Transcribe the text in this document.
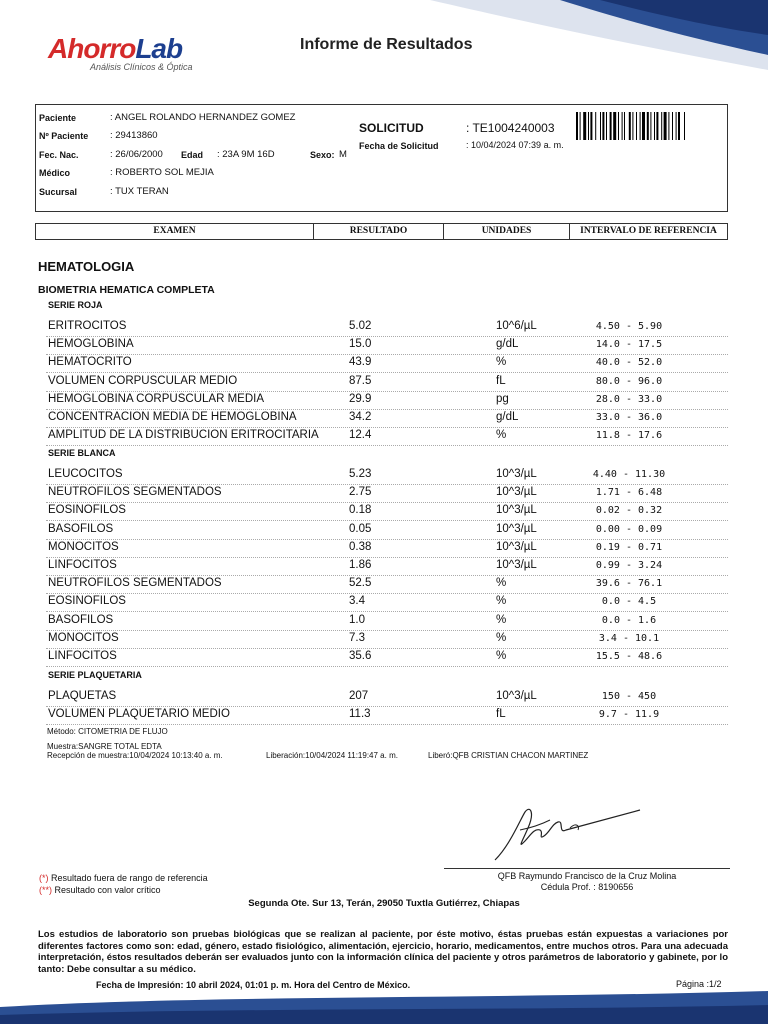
AhorroLab
Análisis Clínicos & Óptica
Informe de Resultados
Paciente	: ANGEL ROLANDO HERNANDEZ GOMEZ
Nº Paciente : 29413860
Fec. Nac.	: 26/06/2000 Edad : 23A 9M 16D	Sexo: M
Médico	: ROBERTO SOL MEJIA
Sucursal	: TUX TERAN
SOLICITUD	: TE1004240003
Fecha de Solicitud	: 10/04/2024 07:39 a. m.
EXAMEN	RESULTADO	UNIDADES	INTERVALO DE REFERENCIA
HEMATOLOGIA
BIOMETRIA HEMATICA COMPLETA
SERIE ROJA
ERITROCITOS	5.02	10^6/µL	4.50 - 5.90
HEMOGLOBINA	15.0	g/dL	14.0 - 17.5
HEMATOCRITO	43.9	%	40.0 - 52.0
VOLUMEN CORPUSCULAR MEDIO	87.5	fL	80.0 - 96.0
HEMOGLOBINA CORPUSCULAR MEDIA	29.9	pg	28.0 - 33.0
CONCENTRACION MEDIA DE HEMOGLOBINA	34.2	g/dL	33.0 - 36.0
AMPLITUD DE LA DISTRIBUCION ERITROCITARIA	12.4	%	11.8 - 17.6
SERIE BLANCA
LEUCOCITOS	5.23	10^3/µL	4.40 - 11.30
NEUTROFILOS SEGMENTADOS	2.75	10^3/µL	1.71 - 6.48
EOSINOFILOS	0.18	10^3/µL	0.02 - 0.32
BASOFILOS	0.05	10^3/µL	0.00 - 0.09
MONOCITOS	0.38	10^3/µL	0.19 - 0.71
LINFOCITOS	1.86	10^3/µL	0.99 - 3.24
NEUTROFILOS SEGMENTADOS	52.5	%	39.6 - 76.1
EOSINOFILOS	3.4	%	0.0 - 4.5
BASOFILOS	1.0	%	0.0 - 1.6
MONOCITOS	7.3	%	3.4 - 10.1
LINFOCITOS	35.6	%	15.5 - 48.6
SERIE PLAQUETARIA
PLAQUETAS	207	10^3/µL	150 - 450
VOLUMEN PLAQUETARIO MEDIO	11.3	fL	9.7 - 11.9
Método: CITOMETRIA DE FLUJO
Muestra:SANGRE TOTAL EDTA
Recepción de muestra:10/04/2024 10:13:40 a. m.	Liberación:10/04/2024 11:19:47 a. m.	Liberó:QFB CRISTIAN CHACON MARTINEZ
QFB Raymundo Francisco de la Cruz Molina
Cédula Prof. : 8190656
(*) Resultado fuera de rango de referencia
(**) Resultado con valor crítico
Segunda Ote. Sur 13, Terán, 29050 Tuxtla Gutiérrez, Chiapas
Los estudios de laboratorio son pruebas biológicas que se realizan al paciente, por éste motivo, éstas pruebas están expuestas a variaciones por diferentes factores como son: edad, género, estado fisiológico, alimentación, ejercicio, horario, medicamentos, entre muchos otros. Para una adecuada interpretación, éstos resultados deberán ser evaluados junto con la información clínica del paciente y otros parámetros de laboratorio y gabinete, por lo tanto: Debe consultar a su médico.
Fecha de Impresión: 10 abril 2024, 01:01 p. m. Hora del Centro de México.	Página :1/2
